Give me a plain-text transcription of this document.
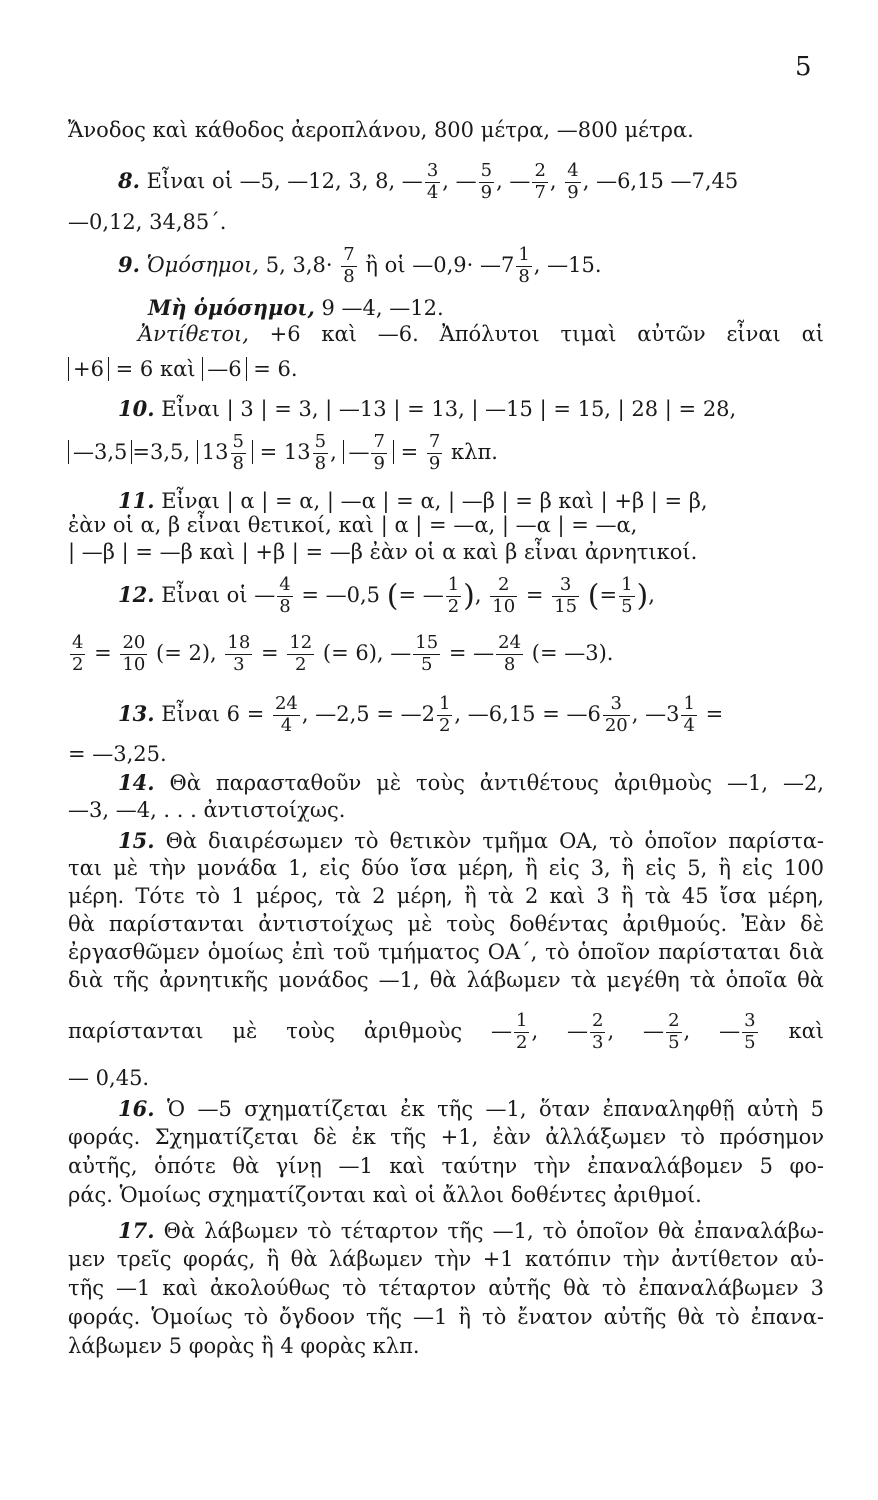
5
Ἄνοδος καὶ κάθοδος ἀεροπλάνου, 800 μέτρα, —800 μέτρα.
8. Εἶναι οἱ —5, —12, 3, 8, — $\frac{3}{4}$ , — $\frac{5}{9}$ , — $\frac{2}{7}$ , $\frac{4}{9}$ , —6,15 —7,45
—0,12, 34,85΄.
9. Ὁμόσημοι, 5, $3,8\cdot \frac{7}{8}$ ἢ οἱ —0,9· —7 $\frac{1}{8}$ , —15.
Μὴ ὁμόσημοι, 9 —4, —12.
Ἀντίθετοι, +6 καὶ —6. Ἀπόλυτοι τιμαὶ αὐτῶν εἶναι αἱ
+6 = 6 καὶ —6 = 6.
10. Εἶναι | 3 | = 3, | —13 | = 13, | —15 | = 15, | 28 | = 28,
—3,5 =3,5, $13 \frac{5}{8} = 13 \frac{5}{8}$ , — $\frac{7}{9} = \frac{7}{9} \kappa\lambda\pi$.
11. Εἶναι | α | = α, | —α | = α, | —β | = β καὶ | +β | = β,
ἐὰν οἱ α, β εἶναι θετικοί, καὶ | α | = —α, | —α | = —α,
| —β | = —β καὶ | +β | = —β ἐὰν οἱ α καὶ β εἶναι ἀρνητικοί.
12. Εἶναι οἱ — $\frac{4}{8}$ = —0,5 (= — $\frac{1}{2}$ ), $\frac{2}{10} = \frac{3}{15}$ (= $\frac{1}{5}$ ),
$\frac{4}{2} = \frac{20}{10}$ (= 2), $\frac{18}{3} = \frac{12}{2}$ (= 6), — $\frac{15}{5}$ = — $\frac{24}{8}$ (= —3).
13. Εἶναι $6 = \frac{24}{4}$ , —2,5 = —2 $\frac{1}{2}$ , —6,15 = —6 $\frac{3}{20}$ , —3 $\frac{1}{4}$ =
= —3,25.
14. Θὰ παρασταθοῦν μὲ τοὺς ἀντιθέτους ἀριθμοὺς —1, —2,
—3, —4, . . . ἀντιστοίχως.
15. Θὰ διαιρέσωμεν τὸ θετικὸν τμῆμα ΟΑ, τὸ ὁποῖον παρίστα-
ται μὲ τὴν μονάδα 1, εἰς δύο ἴσα μέρη, ἢ εἰς 3, ἢ εἰς 5, ἢ εἰς 100
μέρη. Τότε τὸ 1 μέρος, τὰ 2 μέρη, ἢ τὰ 2 καὶ 3 ἢ τὰ 45 ἴσα μέρη,
θὰ παρίστανται ἀντιστοίχως μὲ τοὺς δοθέντας ἀριθμούς. Ἐὰν δὲ
ἐργασθῶμεν ὁμοίως ἐπὶ τοῦ τμήματος ΟΑ΄, τὸ ὁποῖον παρίσταται διὰ
διὰ τῆς ἀρνητικῆς μονάδος —1, θὰ λάβωμεν τὰ μεγέθη τὰ ὁποῖα θὰ
παρίστανται μὲ τοὺς ἀριθμοὺς — $\frac{1}{2}$ , — $\frac{2}{3}$ , — $\frac{2}{5}$ , — $\frac{3}{5}$ καὶ
— 0,45.
16. Ὁ —5 σχηματίζεται ἐκ τῆς —1, ὅταν ἐπαναληφθῇ αὐτὴ 5
φοράς. Σχηματίζεται δὲ ἐκ τῆς +1, ἐὰν ἀλλάξωμεν τὸ πρόσημον
αὐτῆς, ὁπότε θὰ γίνῃ —1 καὶ ταύτην τὴν ἐπαναλάβομεν 5 φο-
ράς. Ὁμοίως σχηματίζονται καὶ οἱ ἄλλοι δοθέντες ἀριθμοί.
17. Θὰ λάβωμεν τὸ τέταρτον τῆς —1, τὸ ὁποῖον θὰ ἐπαναλάβω-
μεν τρεῖς φοράς, ἢ θὰ λάβωμεν τὴν +1 κατόπιν τὴν ἀντίθετον αὐ-
τῆς —1 καὶ ἀκολούθως τὸ τέταρτον αὐτῆς θὰ τὸ ἐπαναλάβωμεν 3
φοράς. Ὁμοίως τὸ ὄγδοον τῆς —1 ἢ τὸ ἔνατον αὐτῆς θὰ τὸ ἐπανα-
λάβωμεν 5 φορὰς ἢ 4 φορὰς κλπ.
